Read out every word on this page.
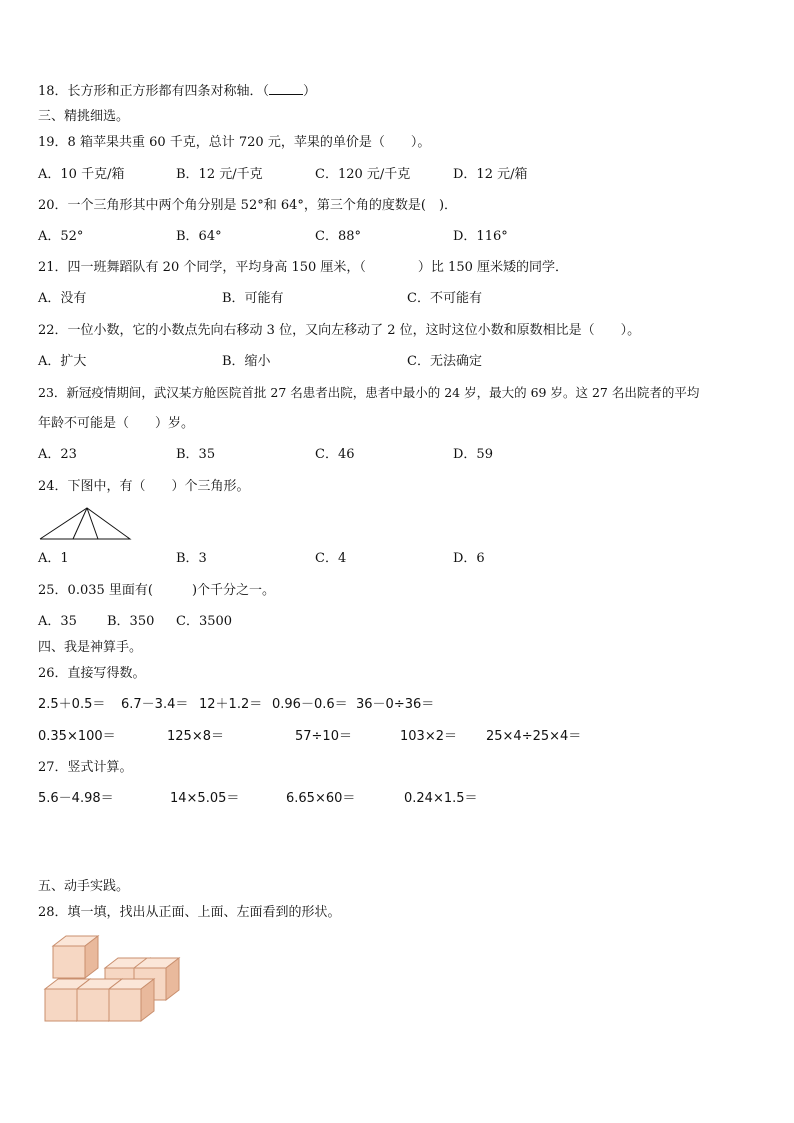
18．长方形和正方形都有四条对称轴．（	）
三、精挑细选。
19．8 箱苹果共重 60 千克，总计 720 元，苹果的单价是（　　）。
A．10 千克/箱	B．12 元/千克	C．120 元/千克	D．12 元/箱
20．一个三角形其中两个角分别是 52°和 64°，第三个角的度数是(　)．
A．52°	B．64°	C．88°	D．116°
21．四一班舞蹈队有 20 个同学，平均身高 150 厘米，（　　　　）比 150 厘米矮的同学．
A．没有	B．可能有	C．不可能有
22．一位小数，它的小数点先向右移动 3 位，又向左移动了 2 位，这时这位小数和原数相比是（　　）。
A．扩大	B．缩小	C．无法确定
23．新冠疫情期间，武汉某方舱医院首批 27 名患者出院，患者中最小的 24 岁，最大的 69 岁。这 27 名出院者的平均
年龄不可能是（　　）岁。
A．23	B．35	C．46	D．59
24．下图中，有（　　）个三角形。
A．1	B．3	C．4	D．6
25．0.035 里面有(　　　)个千分之一。
A．35 B．350 C．3500
四、我是神算手。
26．直接写得数。
2.5＋0.5＝ 6.7－3.4＝ 12＋1.2＝ 0.96－0.6＝ 36－0÷36＝
0.35×100＝	125×8＝	57÷10＝	103×2＝ 25×4÷25×4＝
27．竖式计算。
5.6－4.98＝	14×5.05＝	6.65×60＝	0.24×1.5＝
五、动手实践。
28．填一填，找出从正面、上面、左面看到的形状。
